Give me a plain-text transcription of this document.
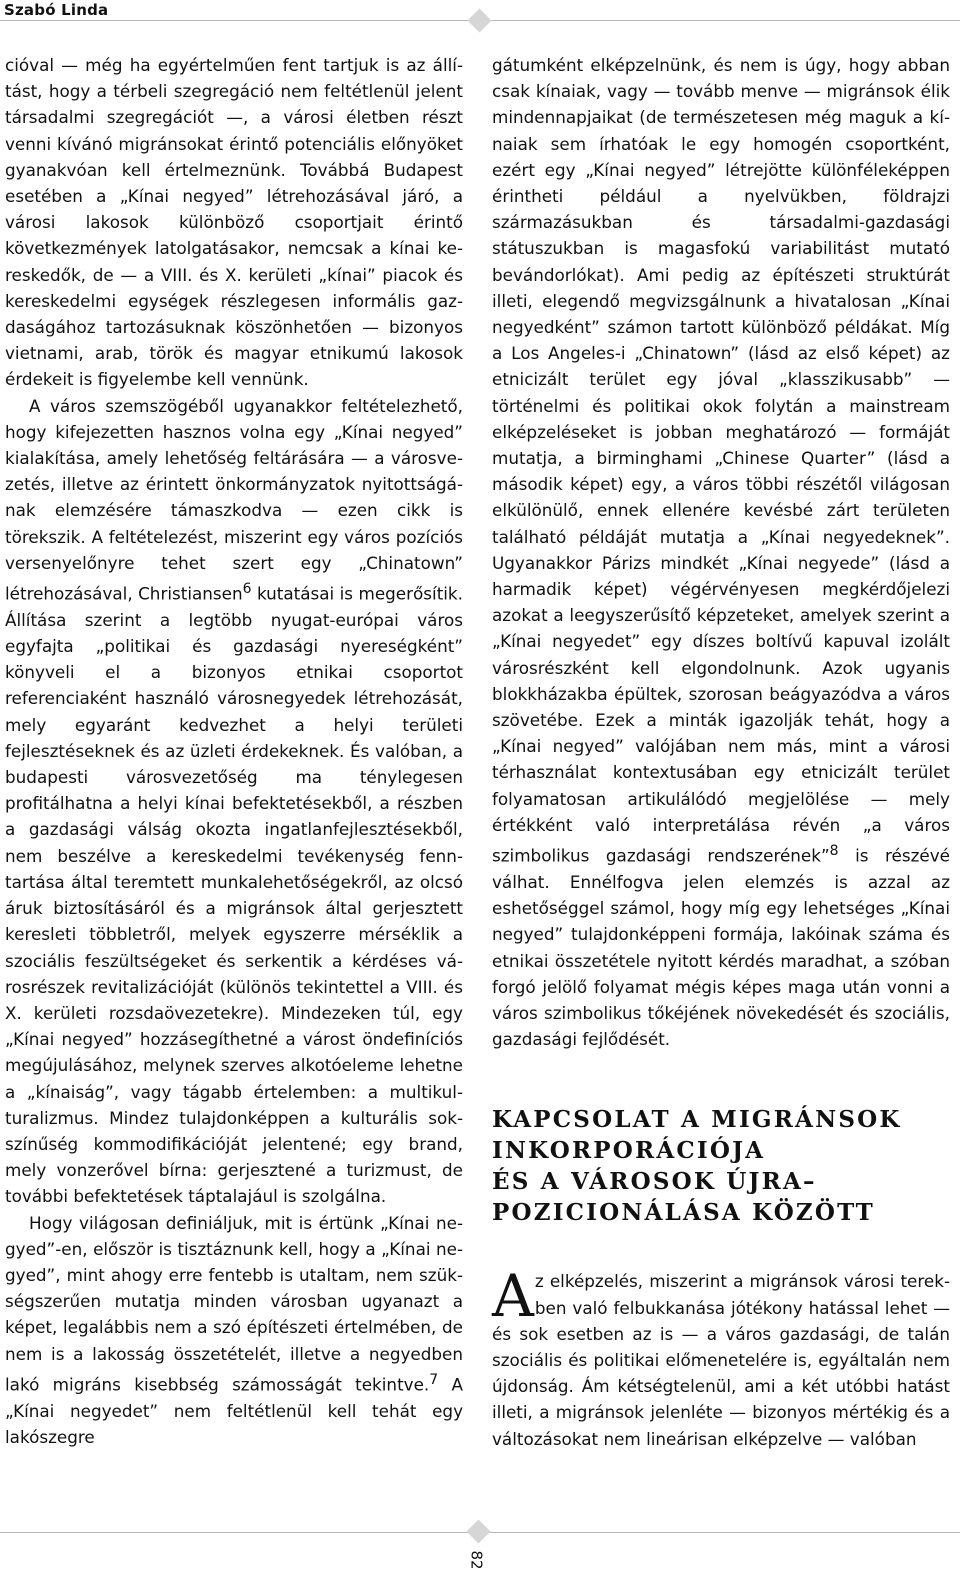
Szabó Linda

cióval — még ha egyértelműen fent tartjuk is az állítást, hogy a térbeli szegregáció nem feltétlenül jelent társadalmi szegregációt —, a városi életben részt venni kívánó migránsokat érintő potenciális előnyöket gyanakvóan kell értelmeznünk. Továbbá Budapest esetében a „Kínai negyed” létrehozásával járó, a városi lakosok különböző csoportjait érintő következmények latolgatásakor, nemcsak a kínai kereskedők, de — a VIII. és X. kerületi „kínai” piacok és kereskedelmi egységek részlegesen informális gazdaságához tartozásuknak köszönhetően — bizonyos vietnami, arab, török és magyar etnikumú lakosok érdekeit is figyelembe kell vennünk.

A város szemszögéből ugyanakkor feltételezhető, hogy kifejezetten hasznos volna egy „Kínai negyed” kialakítása, amely lehetőség feltárására — a városvezetés, illetve az érintett önkormányzatok nyitottságának elemzésére támaszkodva — ezen cikk is törekszik. A feltételezést, miszerint egy város pozíciós versenyelőnyre tehet szert egy „Chinatown” létrehozásával, Christiansen$^6$ kutatásai is megerősítik. Állítása szerint a legtöbb nyugat-európai város egyfajta „politikai és gazdasági nyereségként” könyveli el a bizonyos etnikai csoportot referenciaként használó városnegyedek létrehozását, mely egyaránt kedvezhet a helyi területi fejlesztéseknek és az üzleti érdekeknek. És valóban, a budapesti városvezetőség ma ténylegesen profitálhatna a helyi kínai befektetésekből, a részben a gazdasági válság okozta ingatlanfejlesztésekből, nem beszélve a kereskedelmi tevékenység fenntartása által teremtett munkalehetőségekről, az olcsó áruk biztosításáról és a migránsok által gerjesztett keresleti többletről, melyek egyszerre mérséklik a szociális feszültségeket és serkentik a kérdéses városrészek revitalizációját (különös tekintettel a VIII. és X. kerületi rozsdaövezetekre). Mindezeken túl, egy „Kínai negyed” hozzásegíthetné a várost öndefiníciós megújulásához, melynek szerves alkotóeleme lehetne a „kínaiság”, vagy tágabb értelemben: a multikulturalizmus. Mindez tulajdonképpen a kulturális sokszínűség kommodifikációját jelentené; egy brand, mely vonzerővel bírna: gerjesztené a turizmust, de további befektetések táptalajául is szolgálna.

Hogy világosan definiáljuk, mit is értünk „Kínai negyed”-en, először is tisztáznunk kell, hogy a „Kínai negyed”, mint ahogy erre fentebb is utaltam, nem szükségszerűen mutatja minden városban ugyanazt a képet, legalábbis nem a szó építészeti értelmében, de nem is a lakosság összetételét, illetve a negyedben lakó migráns kisebbség számosságát tekintve.$^7$ A „Kínai negyedet” nem feltétlenül kell tehát egy lakószegre

gátumként elképzelnünk, és nem is úgy, hogy abban csak kínaiak, vagy — tovább menve — migránsok élik mindennapjaikat (de természetesen még maguk a kínaiak sem írhatóak le egy homogén csoportként, ezért egy „Kínai negyed” létrejötte különféleképpen érintheti például a nyelvükben, földrajzi származásukban és társadalmi-gazdasági státuszukban is magasfokú variabilitást mutató bevándorlókat). Ami pedig az építészeti struktúrát illeti, elegendő megvizsgálnunk a hivatalosan „Kínai negyedként” számon tartott különböző példákat. Míg a Los Angeles-i „Chinatown” (lásd az első képet) az etnicizált terület egy jóval „klasszikusabb” — történelmi és politikai okok folytán a mainstream elképzeléseket is jobban meghatározó — formáját mutatja, a birminghami „Chinese Quarter” (lásd a második képet) egy, a város többi részétől világosan elkülönülő, ennek ellenére kevésbé zárt területen található példáját mutatja a „Kínai negyedeknek”. Ugyanakkor Párizs mindkét „Kínai negyede” (lásd a harmadik képet) végérvényesen megkérdőjelezi azokat a leegyszerűsítő képzeteket, amelyek szerint a „Kínai negyedet” egy díszes boltívű kapuval izolált városrészként kell elgondolnunk. Azok ugyanis blokkházakba épültek, szorosan beágyazódva a város szövetébe. Ezek a minták igazolják tehát, hogy a „Kínai negyed” valójában nem más, mint a városi térhasználat kontextusában egy etnicizált terület folyamatosan artikulálódó megjelölése — mely értékként való interpretálása révén „a város szimbolikus gazdasági rendszerének”$^8$ is részévé válhat. Ennélfogva jelen elemzés is azzal az eshetőséggel számol, hogy míg egy lehetséges „Kínai negyed” tulajdonképpeni formája, lakóinak száma és etnikai összetétele nyitott kérdés maradhat, a szóban forgó jelölő folyamat mégis képes maga után vonni a város szimbolikus tőkéjének növekedését és szociális, gazdasági fejlődését.

KAPCSOLAT A MIGRÁNSOK
INKORPORÁCIÓJA
ÉS A VÁROSOK ÚJRA–
POZICIONÁLÁSA KÖZÖTT

Az elképzelés, miszerint a migránsok városi terekben való felbukkanása jótékony hatással lehet — és sok esetben az is — a város gazdasági, de talán szociális és politikai előmenetelére is, egyáltalán nem újdonság. Ám kétségtelenül, ami a két utóbbi hatást illeti, a migránsok jelenléte — bizonyos mértékig és a változásokat nem lineárisan elképzelve — valóban

82
